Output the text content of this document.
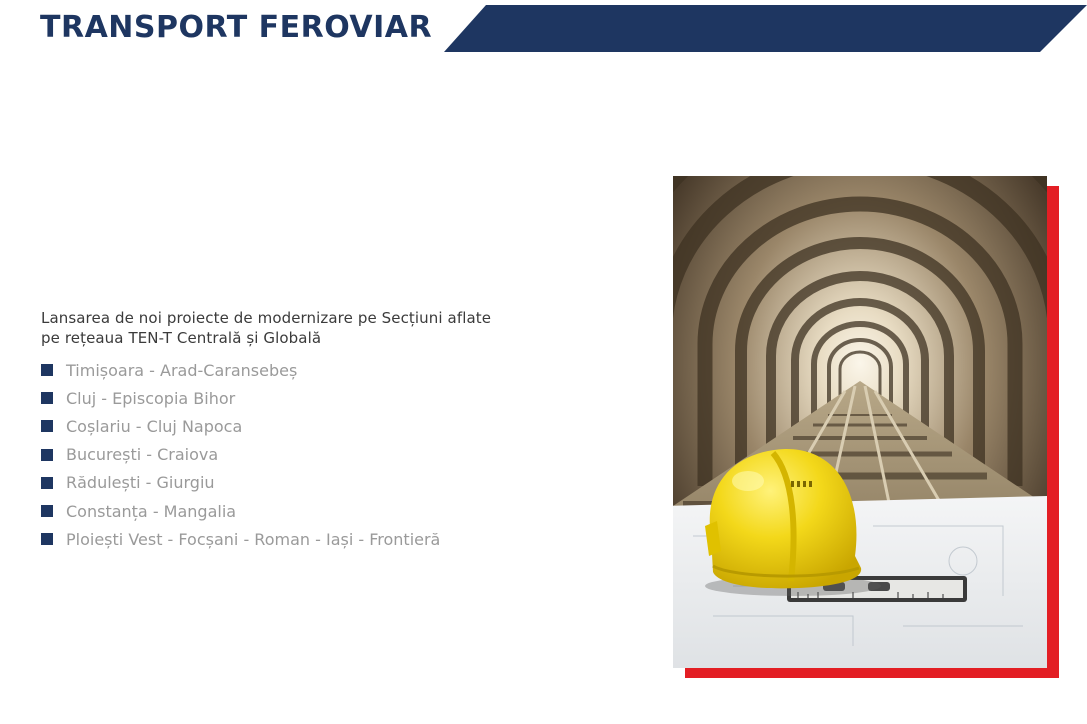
TRANSPORT FEROVIAR

Lansarea de noi proiecte de modernizare pe Secțiuni aflate pe rețeaua TEN-T Centrală și Globală

Timișoara - Arad-Caransebeș
Cluj - Episcopia Bihor
Coșlariu - Cluj Napoca
București - Craiova
Rădulești - Giurgiu
Constanța - Mangalia
Ploiești Vest - Focșani - Roman - Iași - Frontieră
